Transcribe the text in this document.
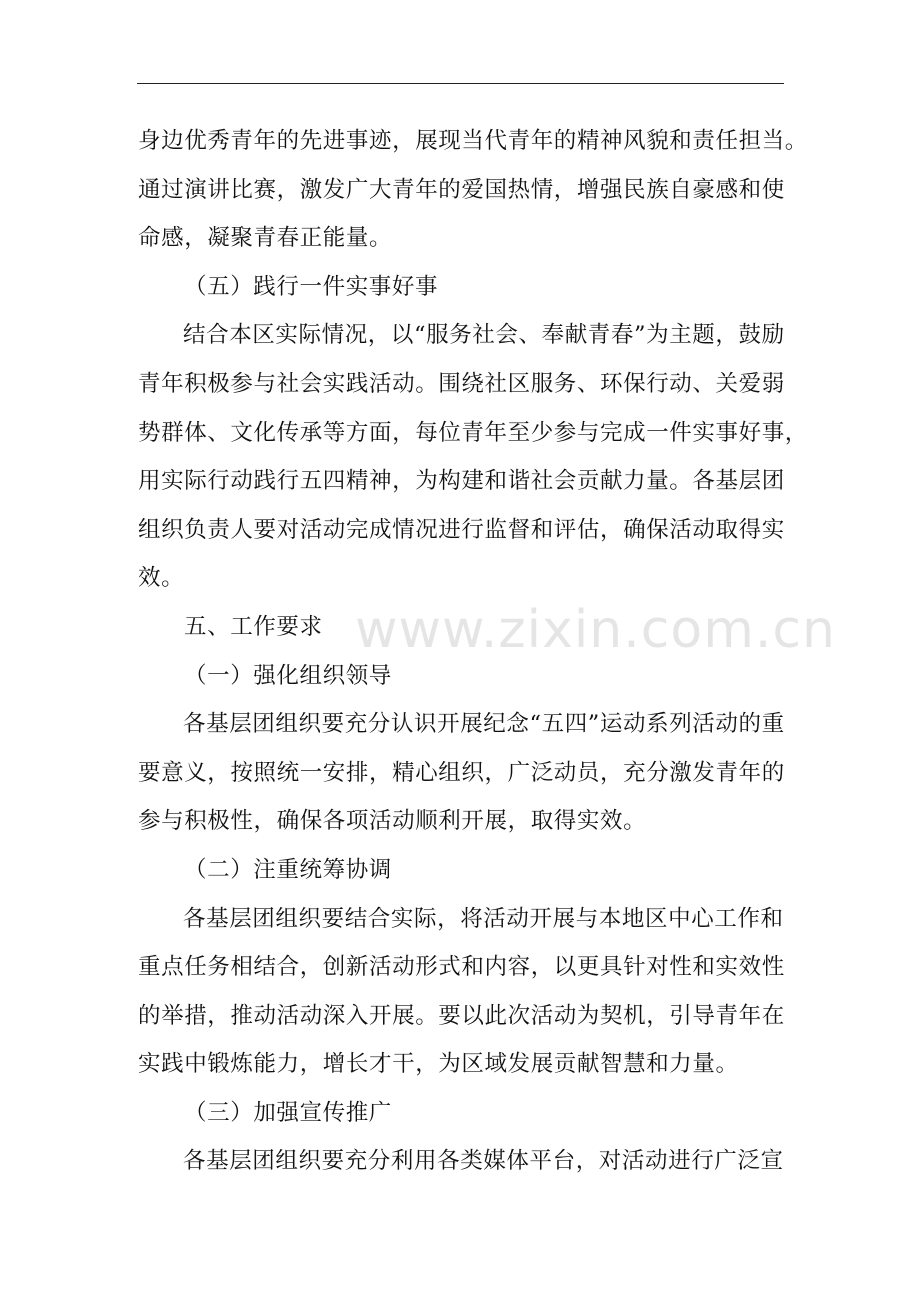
身边优秀青年的先进事迹，展现当代青年的精神风貌和责任担当。
通过演讲比赛，激发广大青年的爱国热情，增强民族自豪感和使
命感，凝聚青春正能量。
（五）践行一件实事好事
结合本区实际情况，以“服务社会、奉献青春”为主题，鼓励
青年积极参与社会实践活动。围绕社区服务、环保行动、关爱弱
势群体、文化传承等方面，每位青年至少参与完成一件实事好事，
用实际行动践行五四精神，为构建和谐社会贡献力量。各基层团
组织负责人要对活动完成情况进行监督和评估，确保活动取得实
效。
五、工作要求
（一）强化组织领导
各基层团组织要充分认识开展纪念“五四”运动系列活动的重
要意义，按照统一安排，精心组织，广泛动员，充分激发青年的
参与积极性，确保各项活动顺利开展，取得实效。
（二）注重统筹协调
各基层团组织要结合实际，将活动开展与本地区中心工作和
重点任务相结合，创新活动形式和内容，以更具针对性和实效性
的举措，推动活动深入开展。要以此次活动为契机，引导青年在
实践中锻炼能力，增长才干，为区域发展贡献智慧和力量。
（三）加强宣传推广
各基层团组织要充分利用各类媒体平台，对活动进行广泛宣
www.zixin.com.cn
